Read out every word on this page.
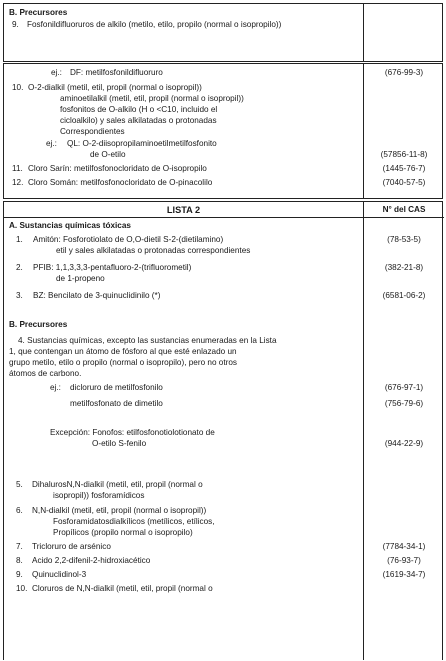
B. Precursores
9. Fosfonildifluoruros de alkilo (metilo, etilo, propilo (normal o isopropilo))
ej.: DF: metilfosfonildifluoruro	(676-99-3)
10. O-2-dialkil (metil, etil, propil (normal o isopropil))
aminoetilalkil (metil, etil, propil (normal o isopropil))
fosfonitos de O-alkilo (H o <C10, incluido el
cicloalkilo) y sales alkilatadas o protonadas
Correspondientes
ej.: QL: O-2-diisopropilaminoetilmetilfosfonito
de O-etilo	(57856-11-8)
11. Cloro Sarín: metilfosfonocloridato de O-isopropilo	(1445-76-7)
12. Cloro Somán: metilfosfonocloridato de O-pinacolilo	(7040-57-5)
LISTA 2	N° del CAS
A. Sustancias químicas tóxicas
1. Amitón: Fosforotiolato de O,O-dietil S-2-(dietilamino)
etil y sales alkilatadas o protonadas correspondientes
(78-53-5)
2. PFIB: 1,1,3,3,3-pentafluoro-2-(trifluorometil)
de 1-propeno
(382-21-8)
3. BZ: Bencilato de 3-quinuclidinilo (*)	(6581-06-2)
B. Precursores
4. Sustancias químicas, excepto las sustancias enumeradas en la Lista
1, que contengan un átomo de fósforo al que esté enlazado un
grupo metilo, etilo o propilo (normal o isopropilo), pero no otros
átomos de carbono.
ej.: dicloruro de metilfosfonilo	(676-97-1)
metilfosfonato de dimetilo	(756-79-6)
Excepción: Fonofos: etilfosfonotiolotionato de
O-etilo S-fenilo	(944-22-9)
5. DihalurosN,N-dialkil (metil, etil, propil (normal o
isopropil)) fosforamídicos
6. N,N-dialkil (metil, etil, propil (normal o isopropil))
Fosforamidatosdialkílicos (metílicos, etílicos,
Propílicos (propilo normal o isopropilo)
7. Tricloruro de arsénico	(7784-34-1)
8. Acido 2,2-difenil-2-hidroxiacético	(76-93-7)
9. Quinuclidinol-3	(1619-34-7)
10. Cloruros de N,N-dialkil (metil, etil, propil (normal o
